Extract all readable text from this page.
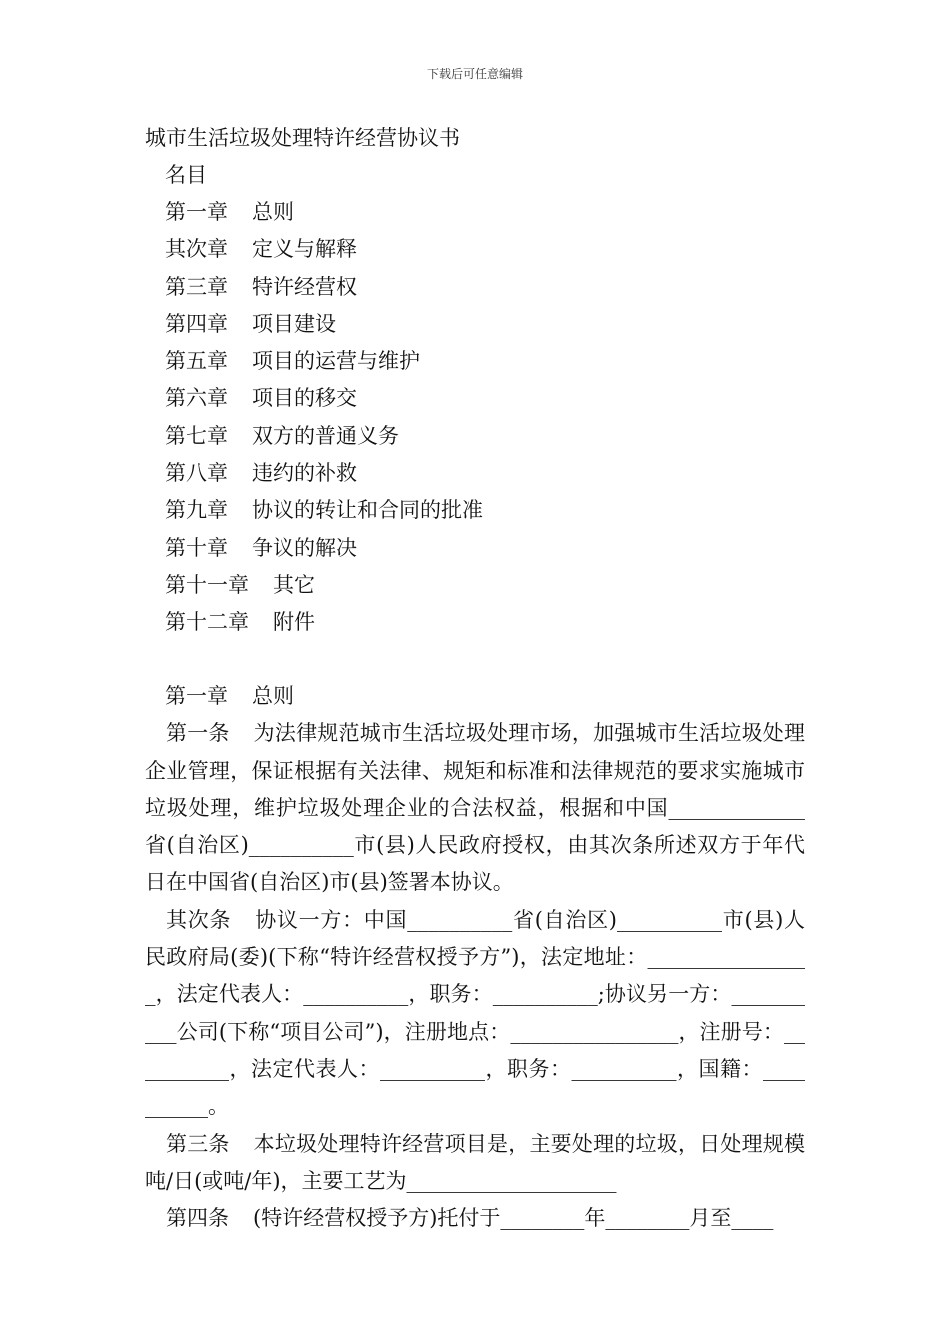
下载后可任意编辑
城市生活垃圾处理特许经营协议书
名目
第一章 总则
其次章 定义与解释
第三章 特许经营权
第四章 项目建设
第五章 项目的运营与维护
第六章 项目的移交
第七章 双方的普通义务
第八章 违约的补救
第九章 协议的转让和合同的批准
第十章 争议的解决
第十一章 其它
第十二章 附件

第一章 总则

第一条 为法律规范城市生活垃圾处理市场，加强城市生活垃圾处理企业管理，保证根据有关法律、规矩和标准和法律规范的要求实施城市垃圾处理，维护垃圾处理企业的合法权益，根据和中国_____________省(自治区)__________市(县)人民政府授权，由其次条所述双方于年代日在中国省(自治区)市(县)签署本协议。

其次条 协议一方：中国__________省(自治区)__________市(县)人民政府局(委)(下称“特许经营权授予方”)，法定地址：________________，法定代表人：__________，职务：__________;协议另一方：__________公司(下称“项目公司”)，注册地点：________________，注册号：__________，法定代表人：__________，职务：__________，国籍：__________。

第三条 本垃圾处理特许经营项目是，主要处理的垃圾，日处理规模吨/日(或吨/年)，主要工艺为____________________

第四条 (特许经营权授予方)托付于________年________月至____
